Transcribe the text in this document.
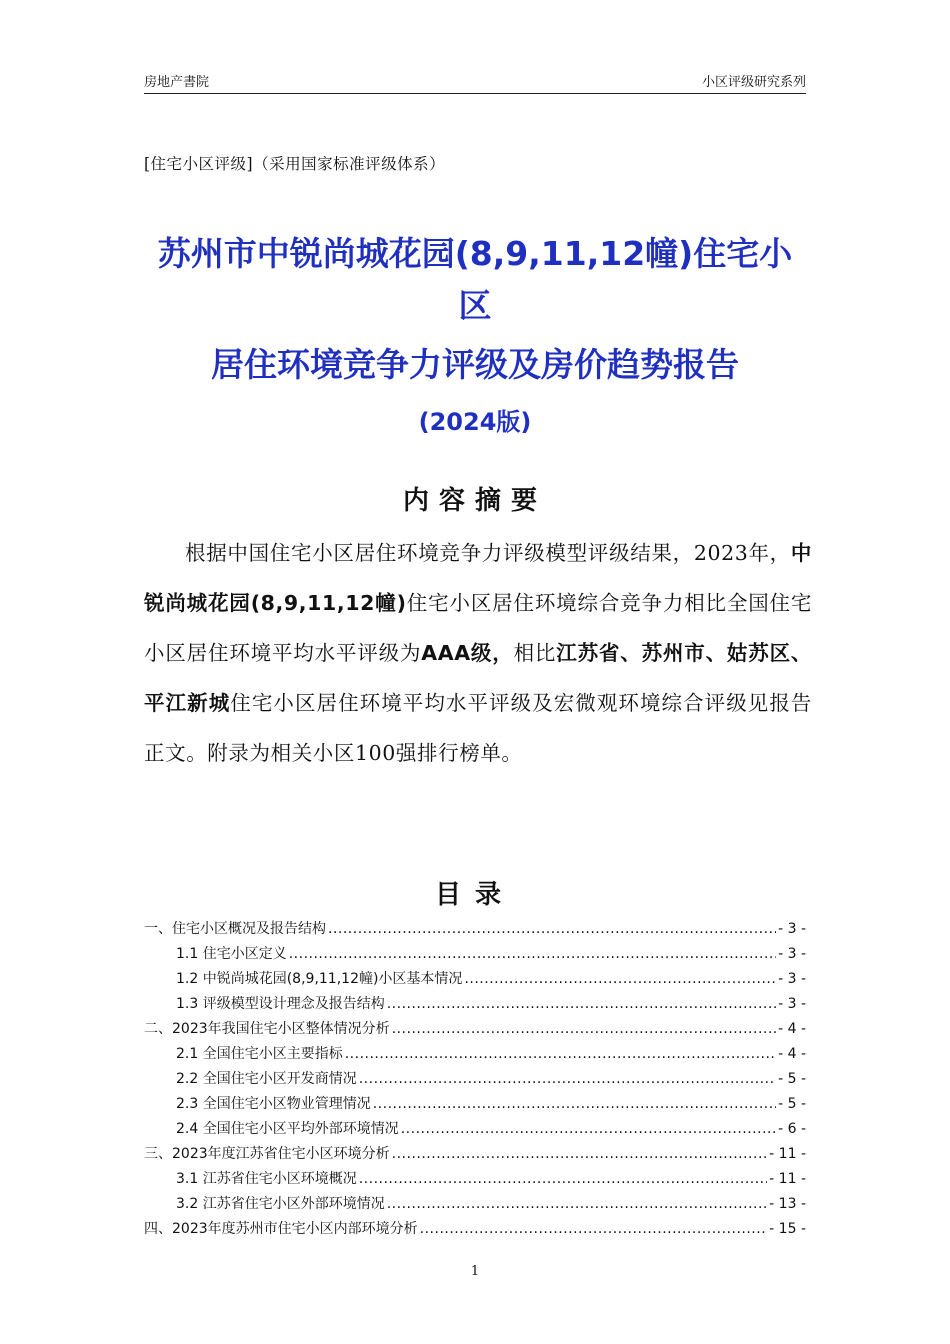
房地产書院	小区评级研究系列
[住宅小区评级]（采用国家标准评级体系）
苏州市中锐尚城花园(8,9,11,12幢)住宅小
区
居住环境竞争力评级及房价趋势报告
(2024版)
内容摘要
根据中国住宅小区居住环境竞争力评级模型评级结果，2023年，中锐尚城花园(8,9,11,12幢)住宅小区居住环境综合竞争力相比全国住宅小区居住环境平均水平评级为AAA级，相比江苏省、苏州市、姑苏区、平江新城住宅小区居住环境平均水平评级及宏微观环境综合评级见报告正文。附录为相关小区100强排行榜单。
目录
一、住宅小区概况及报告结构 .....	- 3 -
1.1 住宅小区定义 .....	- 3 -
1.2 中锐尚城花园(8,9,11,12幢)小区基本情况 .....	- 3 -
1.3 评级模型设计理念及报告结构 .....	- 3 -
二、2023年我国住宅小区整体情况分析 .....	- 4 -
2.1 全国住宅小区主要指标 .....	- 4 -
2.2 全国住宅小区开发商情况 .....	- 5 -
2.3 全国住宅小区物业管理情况 .....	- 5 -
2.4 全国住宅小区平均外部环境情况 .....	- 6 -
三、2023年度江苏省住宅小区环境分析 .....	- 11 -
3.1 江苏省住宅小区环境概况 .....	- 11 -
3.2 江苏省住宅小区外部环境情况 .....	- 13 -
四、2023年度苏州市住宅小区内部环境分析 .....	- 15 -
1
